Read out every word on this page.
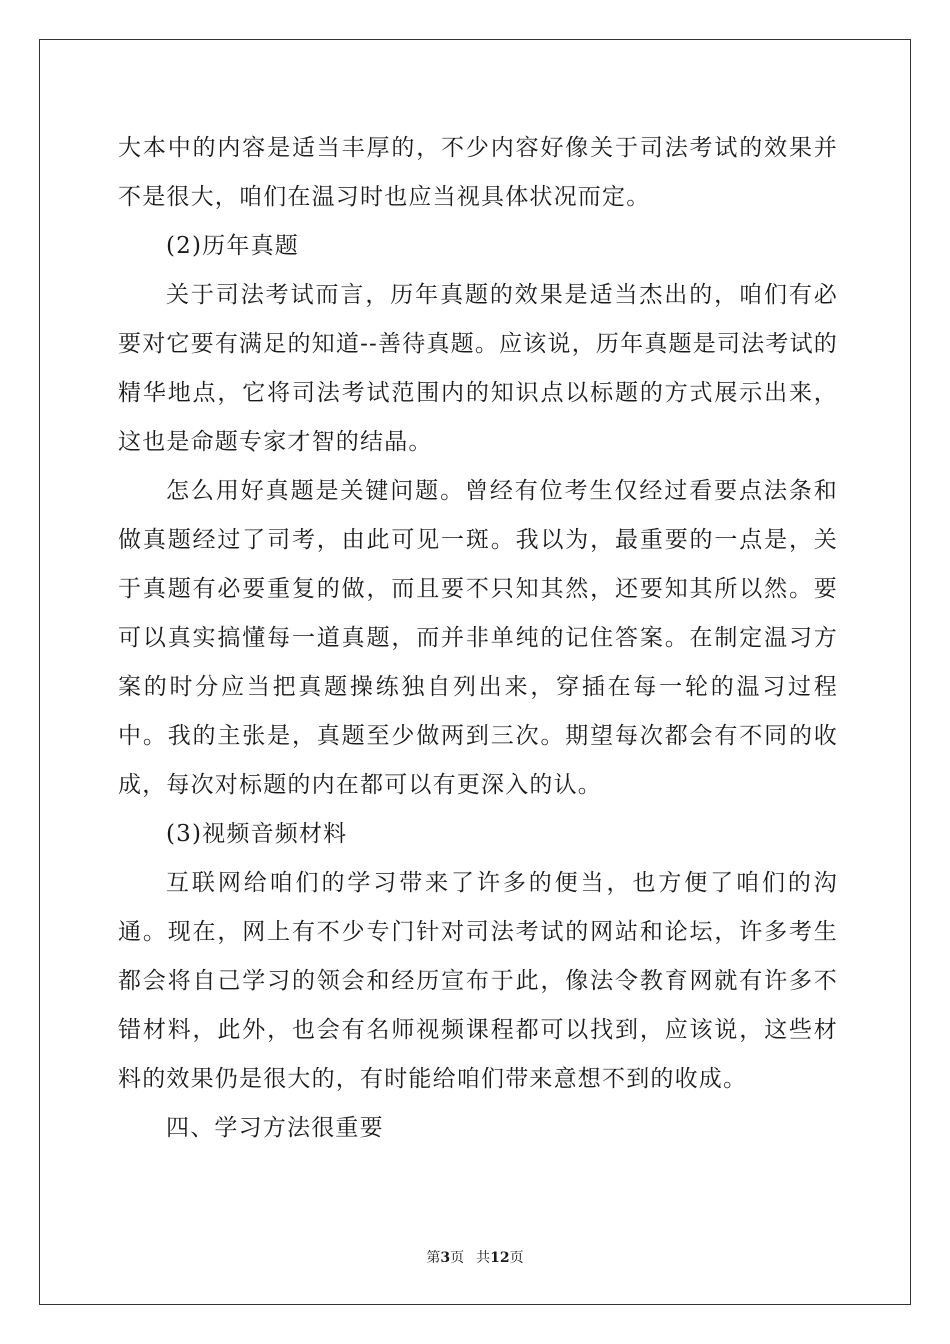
大本中的内容是适当丰厚的，不少内容好像关于司法考试的效果并不是很大，咱们在温习时也应当视具体状况而定。

(2)历年真题

关于司法考试而言，历年真题的效果是适当杰出的，咱们有必要对它要有满足的知道--善待真题。应该说，历年真题是司法考试的精华地点，它将司法考试范围内的知识点以标题的方式展示出来，这也是命题专家才智的结晶。

怎么用好真题是关键问题。曾经有位考生仅经过看要点法条和做真题经过了司考，由此可见一斑。我以为，最重要的一点是，关于真题有必要重复的做，而且要不只知其然，还要知其所以然。要可以真实搞懂每一道真题，而并非单纯的记住答案。在制定温习方案的时分应当把真题操练独自列出来，穿插在每一轮的温习过程中。我的主张是，真题至少做两到三次。期望每次都会有不同的收成，每次对标题的内在都可以有更深入的认。

(3)视频音频材料

互联网给咱们的学习带来了许多的便当，也方便了咱们的沟通。现在，网上有不少专门针对司法考试的网站和论坛，许多考生都会将自己学习的领会和经历宣布于此，像法令教育网就有许多不错材料，此外，也会有名师视频课程都可以找到，应该说，这些材料的效果仍是很大的，有时能给咱们带来意想不到的收成。

四、学习方法很重要

第3页 共12页
